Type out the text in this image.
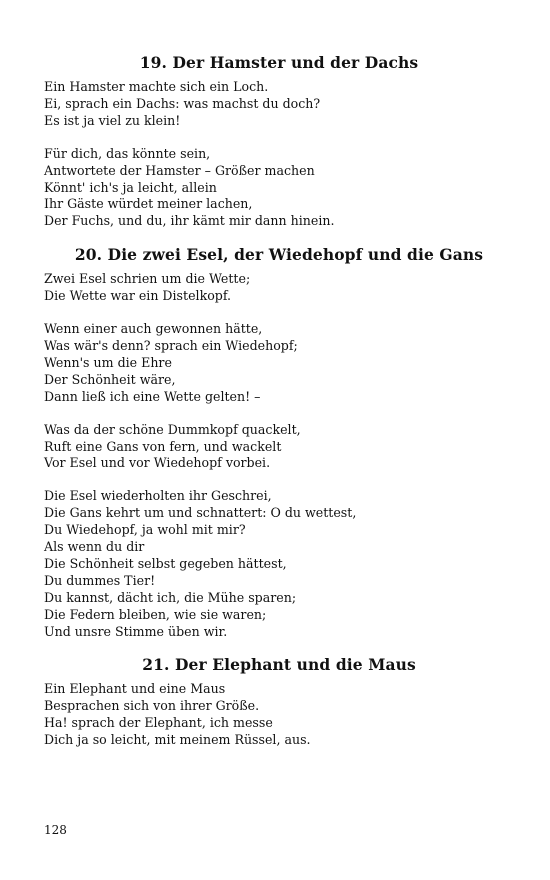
19. Der Hamster und der Dachs
Ein Hamster machte sich ein Loch.
Ei, sprach ein Dachs: was machst du doch?
Es ist ja viel zu klein!
Für dich, das könnte sein,
Antwortete der Hamster – Größer machen
Könnt' ich's ja leicht, allein
Ihr Gäste würdet meiner lachen,
Der Fuchs, und du, ihr kämt mir dann hinein.
20. Die zwei Esel, der Wiedehopf und die Gans
Zwei Esel schrien um die Wette;
Die Wette war ein Distelkopf.
Wenn einer auch gewonnen hätte,
Was wär's denn? sprach ein Wiedehopf;
Wenn's um die Ehre
Der Schönheit wäre,
Dann ließ ich eine Wette gelten! –
Was da der schöne Dummkopf quackelt,
Ruft eine Gans von fern, und wackelt
Vor Esel und vor Wiedehopf vorbei.
Die Esel wiederholten ihr Geschrei,
Die Gans kehrt um und schnattert: O du wettest,
Du Wiedehopf, ja wohl mit mir?
Als wenn du dir
Die Schönheit selbst gegeben hättest,
Du dummes Tier!
Du kannst, dächt ich, die Mühe sparen;
Die Federn bleiben, wie sie waren;
Und unsre Stimme üben wir.
21. Der Elephant und die Maus
Ein Elephant und eine Maus
Besprachen sich von ihrer Größe.
Ha! sprach der Elephant, ich messe
Dich ja so leicht, mit meinem Rüssel, aus.
128
